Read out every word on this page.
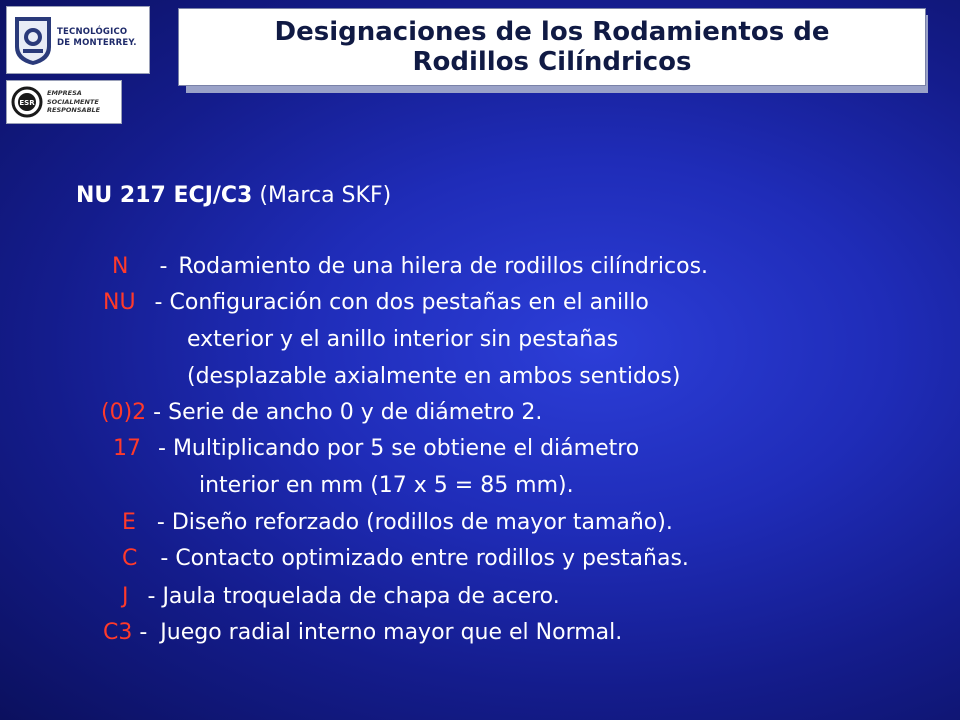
TECNOLÓGICO
DE MONTERREY.
ESR
EMPRESA
SOCIALMENTE
RESPONSABLE
Designaciones de los Rodamientos de
Rodillos Cilíndricos
NU 217 ECJ/C3 (Marca SKF)
N - Rodamiento de una hilera de rodillos cilíndricos.
NU - Configuración con dos pestañas en el anillo
exterior y el anillo interior sin pestañas
(desplazable axialmente en ambos sentidos)
(0)2 - Serie de ancho 0 y de diámetro 2.
17 - Multiplicando por 5 se obtiene el diámetro
interior en mm (17 x 5 = 85 mm).
E - Diseño reforzado (rodillos de mayor tamaño).
C - Contacto optimizado entre rodillos y pestañas.
J - Jaula troquelada de chapa de acero.
C3 - Juego radial interno mayor que el Normal.
